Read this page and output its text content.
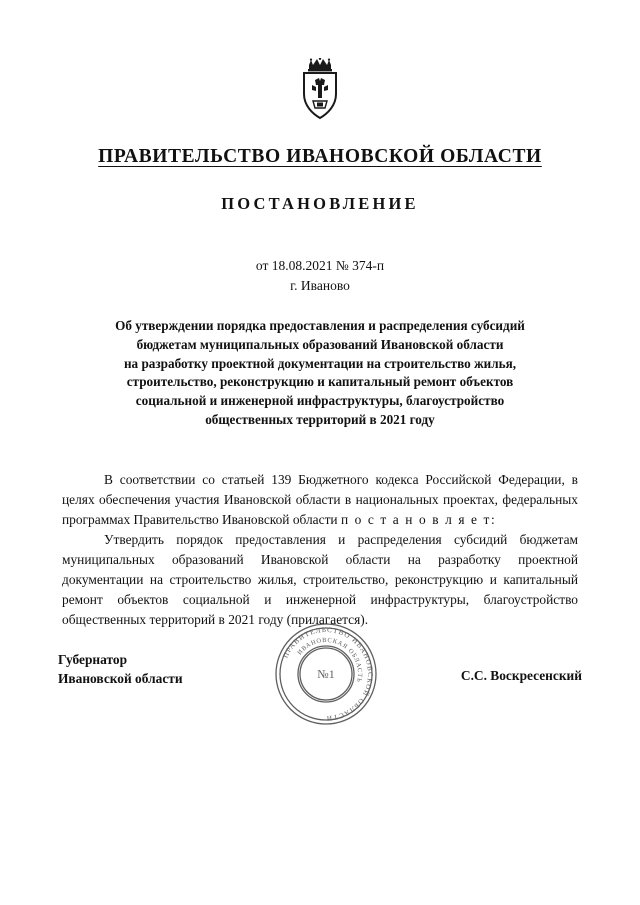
ПРАВИТЕЛЬСТВО ИВАНОВСКОЙ ОБЛАСТИ
ПОСТАНОВЛЕНИЕ
от 18.08.2021 № 374-п
г. Иваново
Об утверждении порядка предоставления и распределения субсидий
бюджетам муниципальных образований Ивановской области
на разработку проектной документации на строительство жилья,
строительство, реконструкцию и капитальный ремонт объектов
социальной и инженерной инфраструктуры, благоустройство
общественных территорий в 2021 году

В соответствии со статьей 139 Бюджетного кодекса Российской Федерации, в целях обеспечения участия Ивановской области в национальных проектах, федеральных программах Правительство Ивановской области п о с т а н о в л я е т:

Утвердить порядок предоставления и распределения субсидий бюджетам муниципальных образований Ивановской области на разработку проектной документации на строительство жилья, строительство, реконструкцию и капитальный ремонт объектов социальной и инженерной инфраструктуры, благоустройство общественных территорий в 2021 году (прилагается).

Губернатор
Ивановской области	С.С. Воскресенский
ПРАВИТЕЛЬСТВО ИВАНОВСКОЙ ОБЛАСТИ
ИВАНОВСКАЯ ОБЛАСТЬ
№1
